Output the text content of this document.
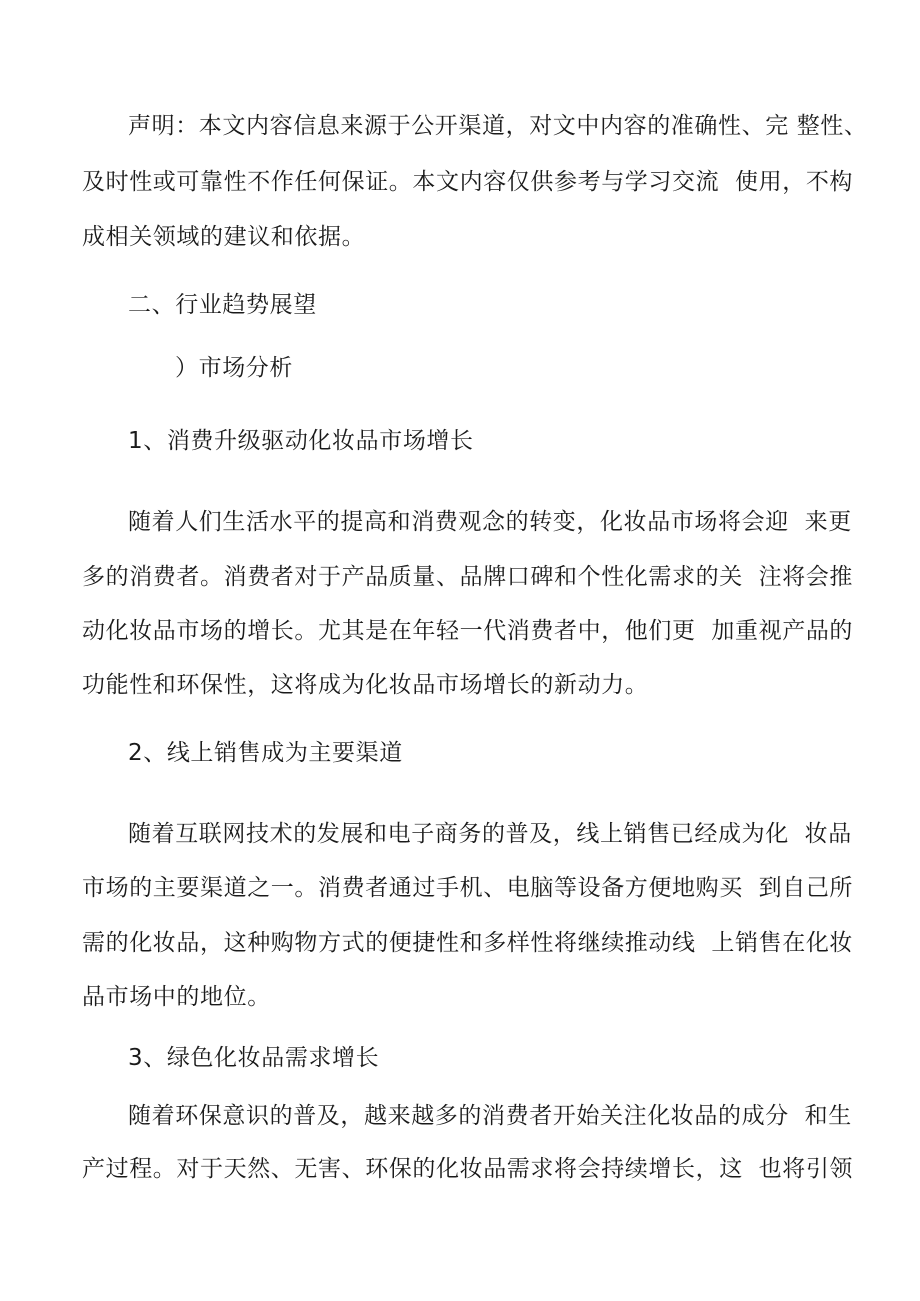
声明：本文内容信息来源于公开渠道，对文中内容的准确性、完 整性、
及时性或可靠性不作任何保证。本文内容仅供参考与学习交流  使用，不构
成相关领域的建议和依据。
二、行业趋势展望
）市场分析
1、消费升级驱动化妆品市场增长
随着人们生活水平的提高和消费观念的转变，化妆品市场将会迎  来更
多的消费者。消费者对于产品质量、品牌口碑和个性化需求的关  注将会推
动化妆品市场的增长。尤其是在年轻一代消费者中，他们更  加重视产品的
功能性和环保性，这将成为化妆品市场增长的新动力。
2、线上销售成为主要渠道
随着互联网技术的发展和电子商务的普及，线上销售已经成为化  妆品
市场的主要渠道之一。消费者通过手机、电脑等设备方便地购买  到自己所
需的化妆品，这种购物方式的便捷性和多样性将继续推动线  上销售在化妆
品市场中的地位。
3、绿色化妆品需求增长
随着环保意识的普及，越来越多的消费者开始关注化妆品的成分  和生
产过程。对于天然、无害、环保的化妆品需求将会持续增长，这  也将引领
